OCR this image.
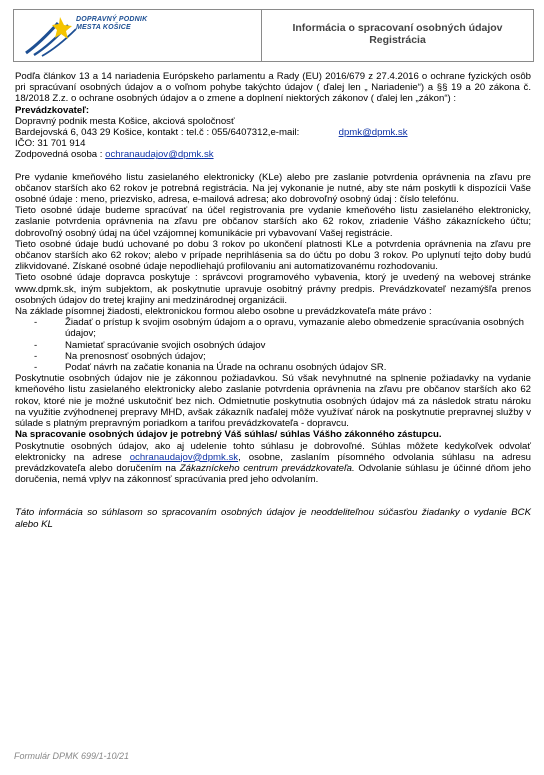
DOPRAVNÝ PODNIK
MESTA KOŠICE	Informácia o spracovaní osobných údajov
Registrácia

Podľa článkov 13 a 14 nariadenia Európskeho parlamentu a Rady (EU) 2016/679 z 27.4.2016 o ochrane fyzických osôb pri spracúvaní osobných údajov a o voľnom pohybe takýchto údajov ( ďalej len „ Nariadenie“) a §§ 19 a 20 zákona č. 18/2018 Z.z. o ochrane osobných údajov a o zmene a doplnení niektorých zákonov ( ďalej len „zákon“) :

Prevádzkovateľ:
Dopravný podnik mesta Košice, akciová spoločnosť
Bardejovská 6, 043 29 Košice, kontakt : tel.č : 055/6407312,e-mail:	dpmk@dpmk.sk
IČO: 31 701 914
Zodpovedná osoba : ochranaudajov@dpmk.sk

Pre vydanie kmeňového listu zasielaného elektronicky (KLe) alebo pre zaslanie potvrdenia oprávnenia na zľavu pre občanov starších ako 62 rokov je potrebná registrácia. Na jej vykonanie je nutné, aby ste nám poskytli k dispozícii Vaše osobné údaje : meno, priezvisko, adresa, e-mailová adresa; ako dobrovoľný osobný údaj : číslo telefónu.

Tieto osobné údaje budeme spracúvať na účel registrovania pre vydanie kmeňového listu zasielaného elektronicky, zaslanie potvrdenia oprávnenia na zľavu pre občanov starších ako 62 rokov, zriadenie Vášho zákazníckeho účtu; dobrovoľný osobný údaj na účel vzájomnej komunikácie pri vybavovaní Vašej registrácie.

Tieto osobné údaje budú uchované po dobu 3 rokov po ukončení platnosti KLe a potvrdenia oprávnenia na zľavu pre občanov starších ako 62 rokov; alebo v prípade neprihlásenia sa do účtu po dobu 3 rokov. Po uplynutí tejto doby budú zlikvidované. Získané osobné údaje nepodliehajú profilovaniu ani automatizovanému rozhodovaniu.

Tieto osobné údaje dopravca poskytuje : správcovi programového vybavenia, ktorý je uvedený na webovej stránke www.dpmk.sk, iným subjektom, ak poskytnutie upravuje osobitný právny predpis. Prevádzkovateľ nezamýšľa prenos osobných údajov do tretej krajiny ani medzinárodnej organizácii.

Na základe písomnej žiadosti, elektronickou formou alebo osobne u prevádzkovateľa máte právo :

-	Žiadať o prístup k svojim osobným údajom a o opravu, vymazanie alebo obmedzenie spracúvania osobných údajov;
-	Namietať spracúvanie svojich osobných údajov
-	Na prenosnosť osobných údajov;
-	Podať návrh na začatie konania na Úrade na ochranu osobných údajov SR.

Poskytnutie osobných údajov nie je zákonnou požiadavkou. Sú však nevyhnutné na splnenie požiadavky na vydanie kmeňového listu zasielaného elektronicky alebo zaslanie potvrdenia oprávnenia na zľavu pre občanov starších ako 62 rokov, ktoré nie je možné uskutočniť bez nich. Odmietnutie poskytnutia osobných údajov má za následok stratu nároku na využitie zvýhodnenej prepravy MHD, avšak zákazník naďalej môže využívať nárok na poskytnutie prepravnej služby v súlade s platným prepravným poriadkom a tarifou prevádzkovateľa - dopravcu.

Na spracovanie osobných údajov je potrebný Váš súhlas/ súhlas Vášho zákonného zástupcu.

Poskytnutie osobných údajov, ako aj udelenie tohto súhlasu je dobrovoľné. Súhlas môžete kedykoľvek odvolať elektronicky na adrese ochranaudajov@dpmk.sk, osobne, zaslaním písomného odvolania súhlasu na adresu prevádzkovateľa alebo doručením na Zákazníckeho centrum prevádzkovateľa. Odvolanie súhlasu je účinné dňom jeho doručenia, nemá vplyv na zákonnosť spracúvania pred jeho odvolaním.

Táto informácia so súhlasom so spracovaním osobných údajov je neoddeliteľnou súčasťou žiadanky o vydanie BCK alebo KL

Formulár DPMK 699/1-10/21
